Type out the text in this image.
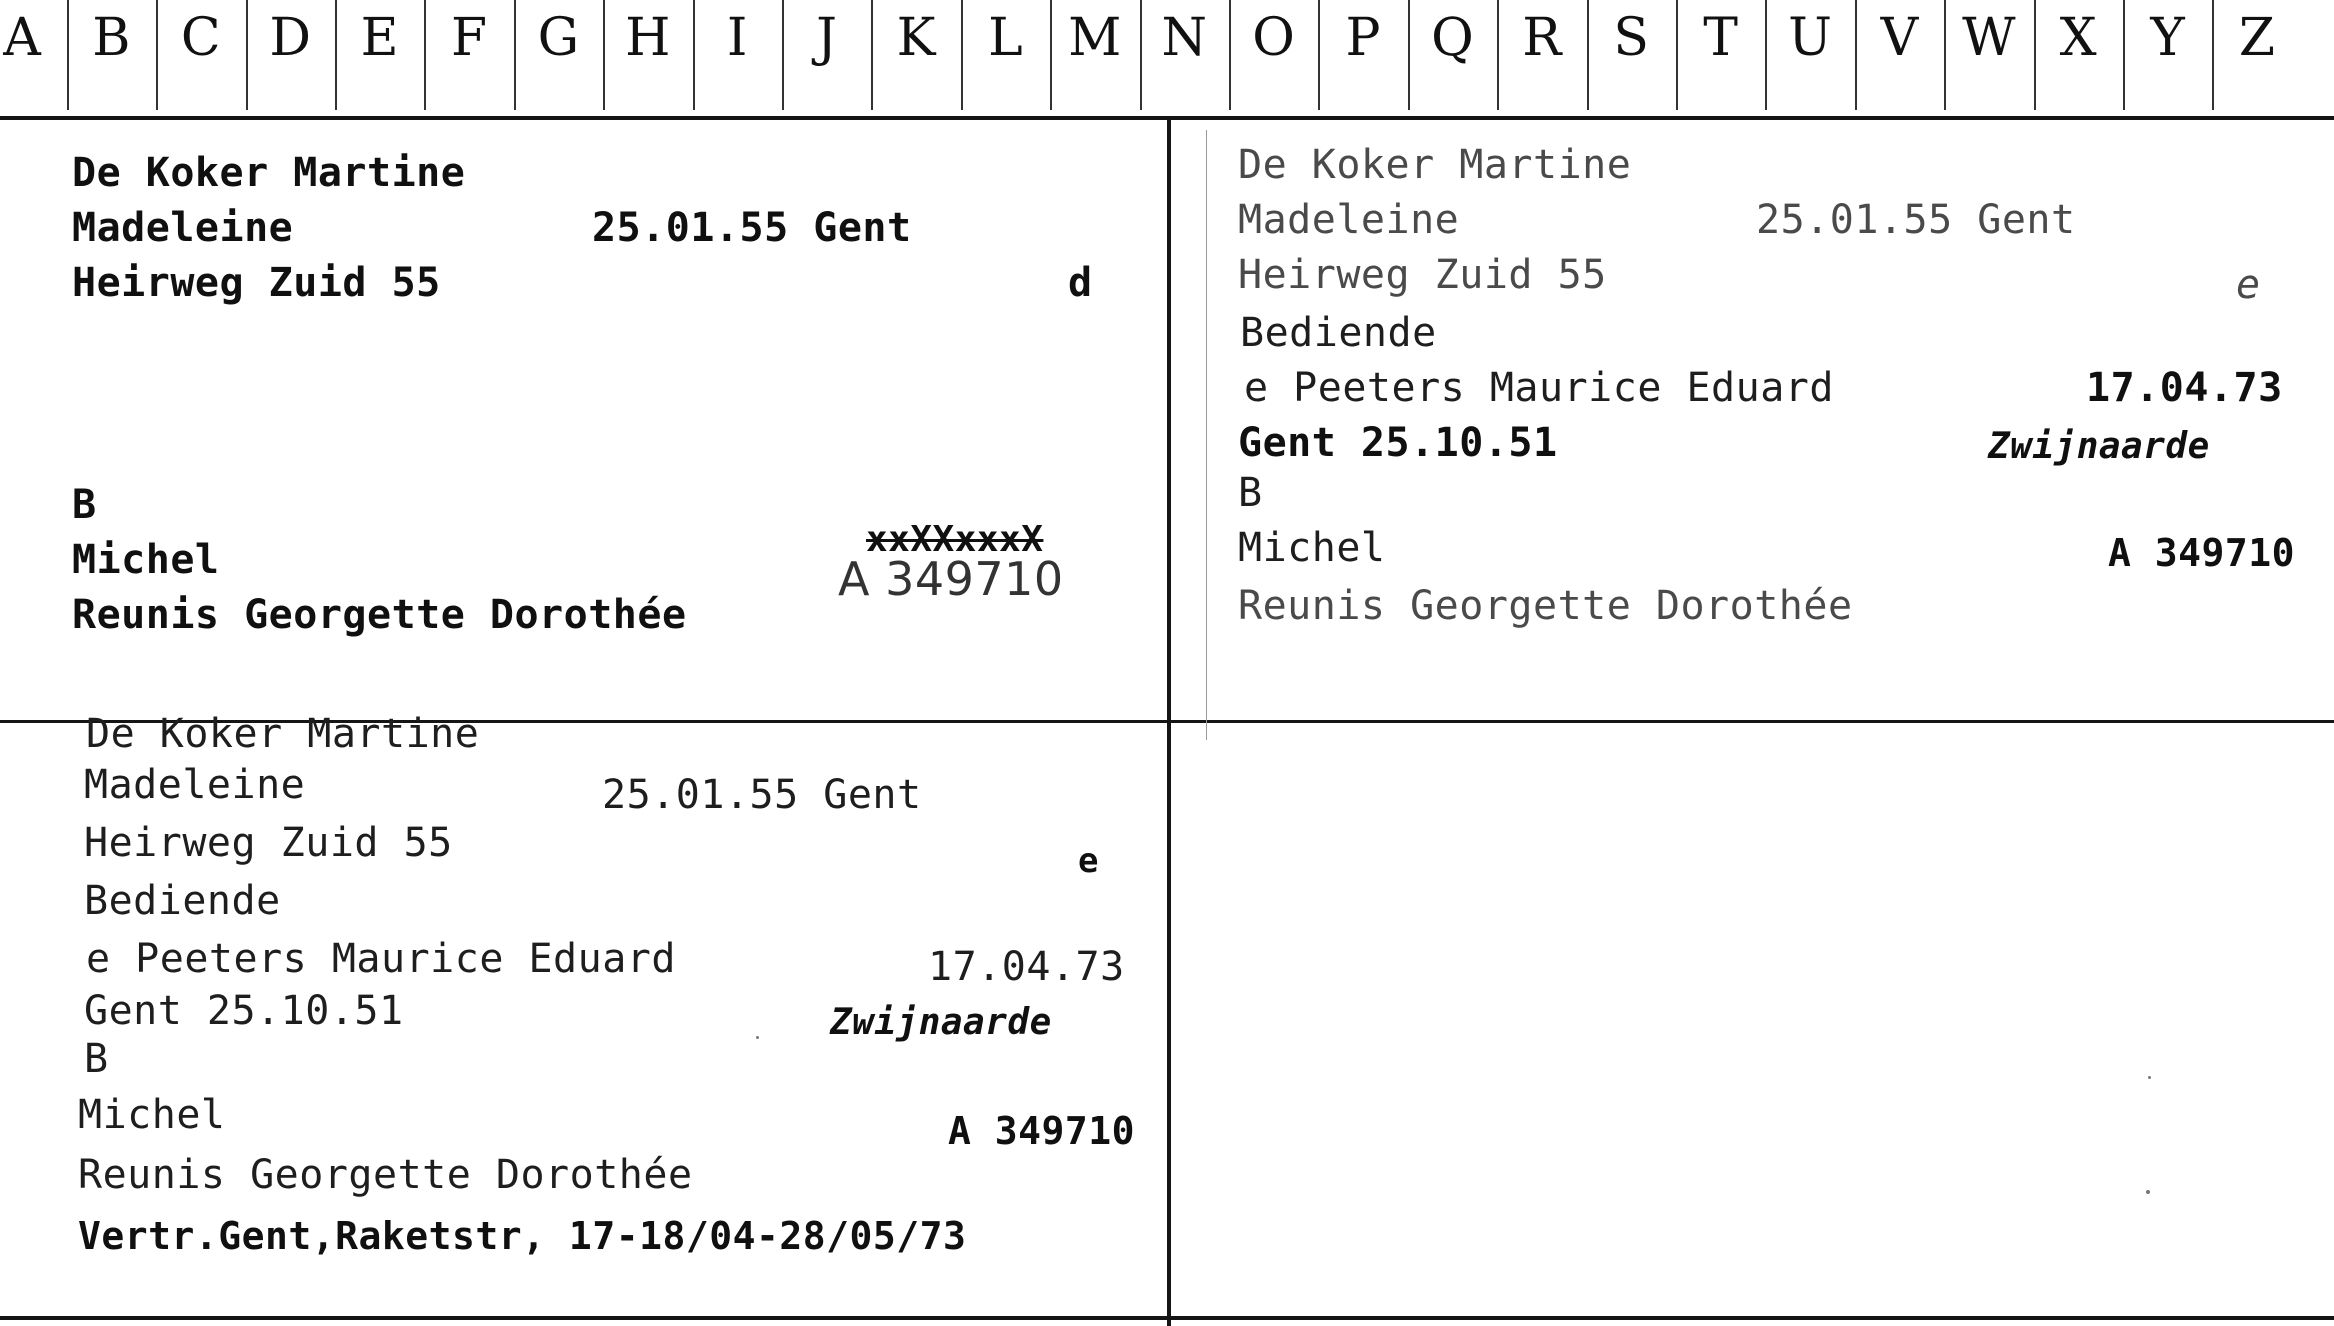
A B C D E F G H	I	J	K L M N O P Q R S T U V W X Y Z
De Koker Martine
Madeleine	25.01.55 Gent
Heirweg Zuid 55	d
B
Michel	xxXXxxxX
A 349710
Reunis Georgette Dorothée
De Koker Martine
Madeleine	25.01.55 Gent
Heirweg Zuid 55	e
Bediende
e Peeters Maurice Eduard	17.04.73
Gent 25.10.51	Zwijnaarde
B
Michel	A 349710
Reunis Georgette Dorothée
De Koker Martine
Madeleine	25.01.55 Gent
Heirweg Zuid 55	e
Bediende
e Peeters Maurice Eduard	17.04.73
Gent 25.10.51	Zwijnaarde
B
Michel	A 349710
Reunis Georgette Dorothée
Vertr.Gent,Raketstr, 17-18/04-28/05/73
